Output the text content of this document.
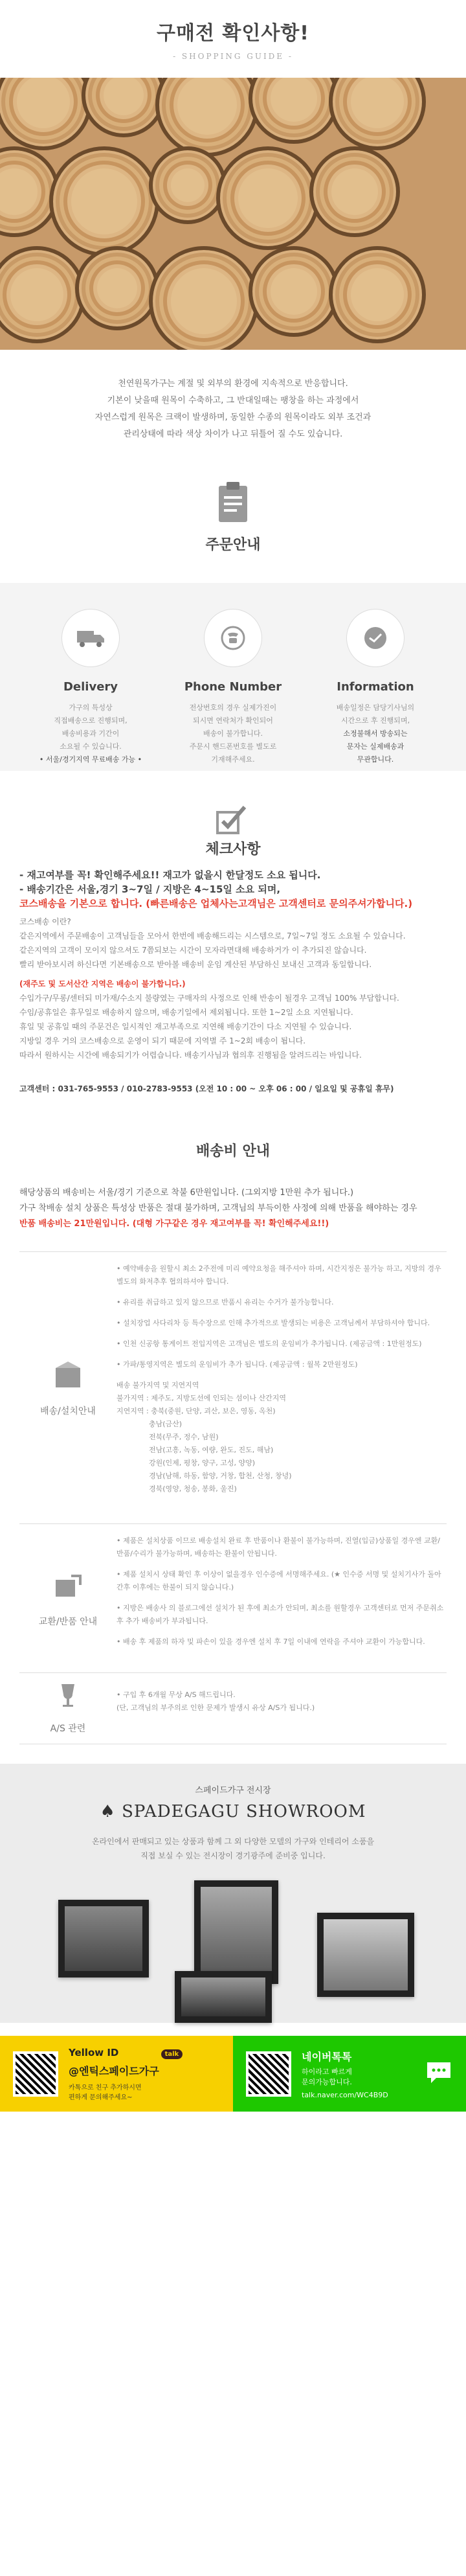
구매전 확인사항!
- SHOPPING GUIDE -
천연원목가구는 계절 및 외부의 환경에 지속적으로 반응합니다.
기본이 낮을때 원목이 수축하고, 그 반대일때는 팽창을 하는 과정에서
자연스럽게 원목은 크랙이 발생하며, 동일한 수종의 원목이라도 외부 조건과
관리상태에 따라 색상 차이가 나고 뒤틀어 질 수도 있습니다.
주문안내
Delivery
가구의 특성상
직접배송으로 진행되며,
배송비용과 기간이
소요될 수 있습니다.
• 서울/경기지역 무료배송 가능 •
Phone Number
전상번호의 경우 실제가진이
되시면 연락처가 확인되어
배송이 불가합니다.
주문시 핸드폰번호를 별도로
기재해주세요.
Information
배송일정은 담당기사님의
시간으로 후 진행되며,
소정불해서 방송되는
문자는 실제배송과
무관합니다.
체크사항
- 재고여부를 꼭! 확인해주세요!! 재고가 없을시 한달정도 소요 됩니다.
- 배송기간은 서울,경기 3~7일 / 지방은 4~15일 소요 되며,
코스배송을 기본으로 합니다. (빠른배송은 업체사는고객님은 고객센터로 문의주셔가합니다.)
코스배송 이란?
같은지역에서 주문배송이 고객님들을 모아서 한번에 배송해드리는 시스템으로, 7일~7일 정도 소요될 수 있습니다.
같은지역의 고객이 모이지 않으셔도 7쯤되보는 시간이 모자라면대해 배송하거가 이 추가되진 않습니다.
빨리 받아보시려 하신다면 기본배송으로 받아볼 배송비 운임 계산된 부담하신 보내신 고객과 동일합니다.
(재주도 및 도서산간 지역은 배송이 불가합니다.)
수입가구/무롱/센터되 미가재/수소지 불량였는 구매자의 사정으로 인해 반송이 될경우 고객님 100% 부담합니다.
수임/공휴일은 휴무일로 배송하지 않으며, 배송기일에서 제외됩니다. 또한 1~2일 소요 지연됩니다.
휴일 및 공휴일 때의 주문건은 일시적인 재고부족으로 지연해 배송기간이 다소 지연될 수 있습니다.
지방일 경우 거의 코스배송으로 운영이 되기 때문에 지역별 주 1~2회 배송이 됩니다.
따라서 원하시는 시간에 배송되기가 어렵습니다. 배송기사님과 협의후 진행됨을 알려드리는 바입니다.
고객센터 : 031-765-9553 / 010-2783-9553 (오전 10 : 00 ~ 오후 06 : 00 / 일요일 및 공휴일 휴무)
배송비 안내
해당상품의 배송비는 서울/경기 기준으로 착불 6만원입니다. (그외지방 1만원 추가 됩니다.)
가구 착배송 설치 상품은 특성상 반품은 절대 불가하며, 고객님의 부득이한 사정에 의해 반품을 해야하는 경우
반품 배송비는 21만원입니다. (대형 가구같은 경우 재고여부를 꼭! 확인해주세요!!)
배송/설치안내

• 예약배송을 원할시 최소 2주전에 미리 예약요청을 해주셔야 하며, 시간지정은 불가능 하고, 지방의 경우 별도의 화저추후 협의하셔야 합니다.

• 유리를 취급하고 있지 않으므로 반품시 유리는 수거가 불가능합니다.

• 설치장업 사다리차 등 특수장으로 인해 추가적으로 발생되는 비용은 고객님께서 부담하셔야 합니다.

• 인천 신공항 통게이트 전입지역은 고객님은 별도의 운임비가 추가됩니다. (제공금액 : 1만원정도)

• 가파/통영지역은 별도의 운임비가 추가 됩니다. (제공금액 : 월복 2만원정도)

배송 불가지역 및 지연지역
불가지역 : 제주도, 지방도선에 인되는 섬이나 산간지역
지연지역 : 충북(중원, 단양, 괴산, 보은, 영동, 옥천)
충남(금산)
전북(무주, 정수, 남원)
전남(고흥, 녹동, 여량, 완도, 진도, 해남)
강원(인제, 평창, 양구, 고성, 양양)
경남(남해, 하동, 함양, 거창, 합천, 산청, 창녕)
경북(영양, 청송, 봉화, 울진)
교환/반품 안내

• 제품은 설치상품 이므로 배송설치 완료 후 반품이나 환불이 불가능하며, 진열(입금)상품일 경우엔 교환/반품/수리가 불가능하며, 배송하는 환불이 안됩니다.

• 제품 설치시 상태 확인 후 이상이 없을경우 인수증에 서명해주세요. (★ 인수증 서명 및 설치기사가 돌아간후 이후에는 한불이 되지 않습니다.)

• 지방은 배송사 의 블로그에선 설치가 된 후에 최소가 안되며, 최소를 원할경우 고객센터로 먼저 주문취소 후 추가 배송비가 부과됩니다.

• 배송 후 제품의 하자 및 파손이 있을 경우엔 설치 후 7일 이내에 연락을 주셔야 교환이 가능합니다.

A/S 관련
• 구입 후 6개월 무상 A/S 해드립니다.
(단, 고객님의 부주의로 인한 문제가 발생시 유상 A/S가 됩니다.)
스페이드가구 전시장
♠ SPADEGAGU SHOWROOM
온라인에서 판매되고 있는 상품과 함께 그 외 다양한 모델의 가구와 인테리어 소품을
직접 보실 수 있는 전시장이 경기광주에 준비중 입니다.
Yellow ID	talk
@엔틱스페이드가구
카톡으로 친구 추가하시면
편하게 문의해주세요~
네이버톡톡
하이라고 빠르게
문의가능합니다.
talk.naver.com/WC4B9D
